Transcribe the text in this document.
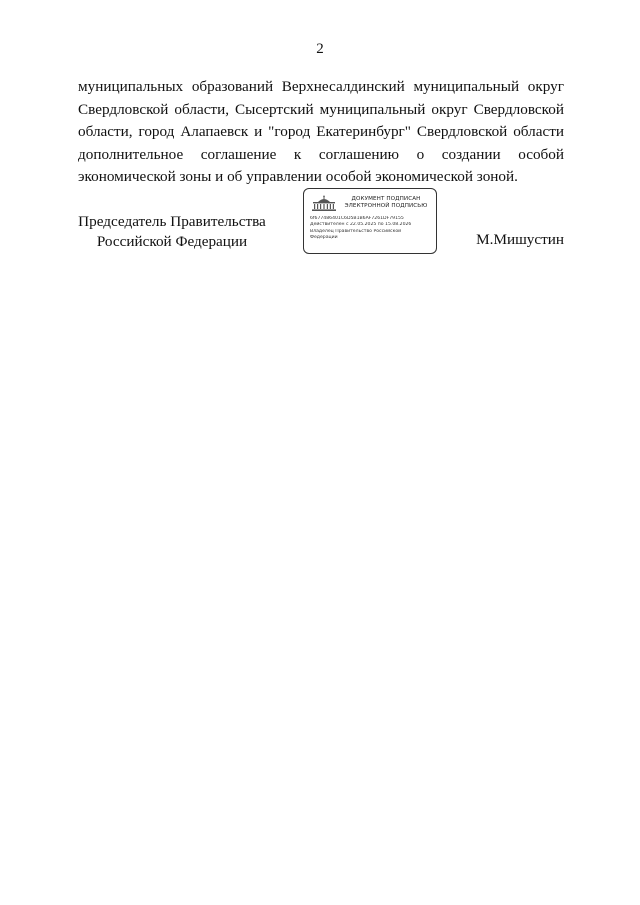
2

муниципальных образований Верхнесалдинский муниципальный округ Свердловской области, Сысертский муниципальный округ Свердловской области, город Алапаевск и "город Екатеринбург" Свердловской области дополнительное соглашение к соглашению о создании особой экономической зоны и об управлении особой экономической зоной.

Председатель Правительства
Российской Федерации
ДОКУМЕНТ ПОДПИСАН
ЭЛЕКТРОННОЙ ПОДПИСЬЮ
6f677486401C6D5B1B6AF7261DF79155
Действителен с 22.05.2025 по 15.08.2026
Владелец Правительство Российской
Федерации	М.Мишустин
